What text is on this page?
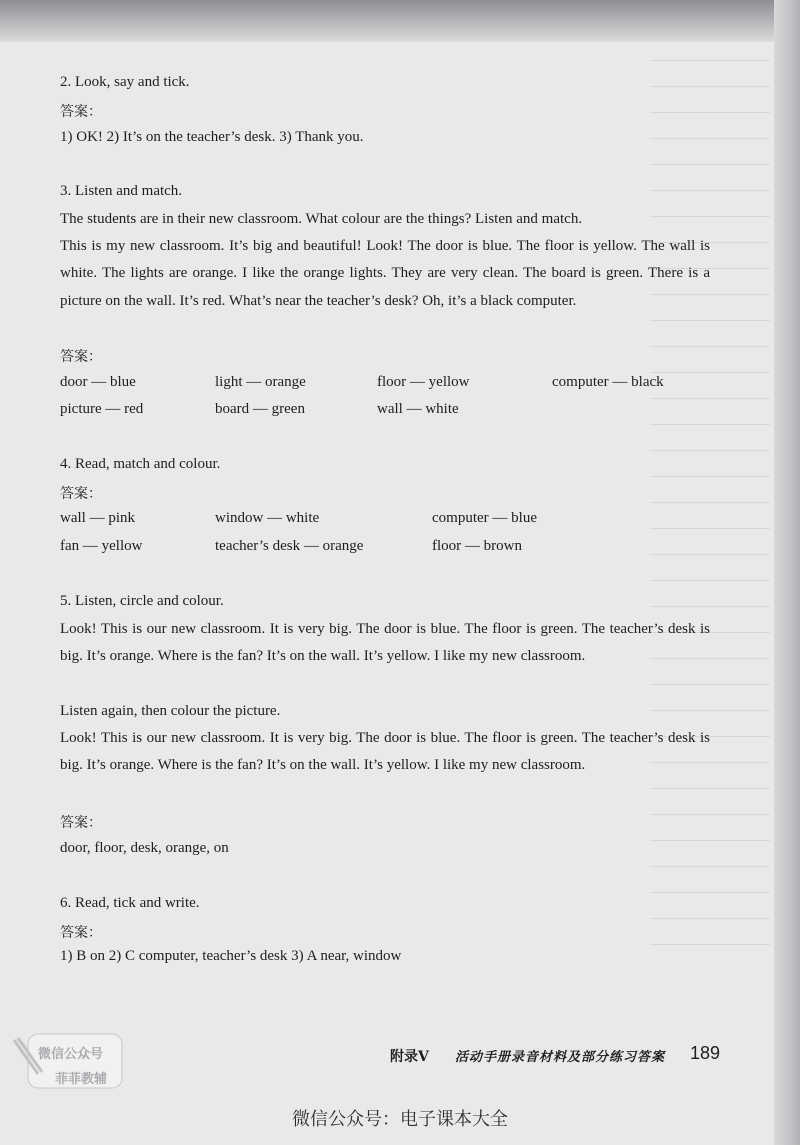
2. Look, say and tick.
答案：
1) OK! 2) It’s on the teacher’s desk. 3) Thank you.
3. Listen and match.
The students are in their new classroom. What colour are the things? Listen and match.
This is my new classroom. It’s big and beautiful! Look! The door is blue. The floor is yellow. The wall is white. The lights are orange. I like the orange lights. They are very clean. The board is green. There is a picture on the wall. It’s red. What’s near the teacher’s desk? Oh, it’s a black computer.
答案：
door — blue	light — orange	floor — yellow	computer — black
picture — red	board — green	wall — white
4. Read, match and colour.
答案：
wall — pink	window — white	computer — blue
fan — yellow	teacher’s desk — orange	floor — brown
5. Listen, circle and colour.
Look! This is our new classroom. It is very big. The door is blue. The floor is green. The teacher’s desk is big. It’s orange. Where is the fan? It’s on the wall. It’s yellow. I like my new classroom.
Listen again, then colour the picture.
Look! This is our new classroom. It is very big. The door is blue. The floor is green. The teacher’s desk is big. It’s orange. Where is the fan? It’s on the wall. It’s yellow. I like my new classroom.
答案：
door, floor, desk, orange, on
6. Read, tick and write.
答案：
1) B on 2) C computer, teacher’s desk 3) A near, window
附录V 活动手册录音材料及部分练习答案 189
微信公众号
菲菲教辅
微信公众号：电子课本大全
